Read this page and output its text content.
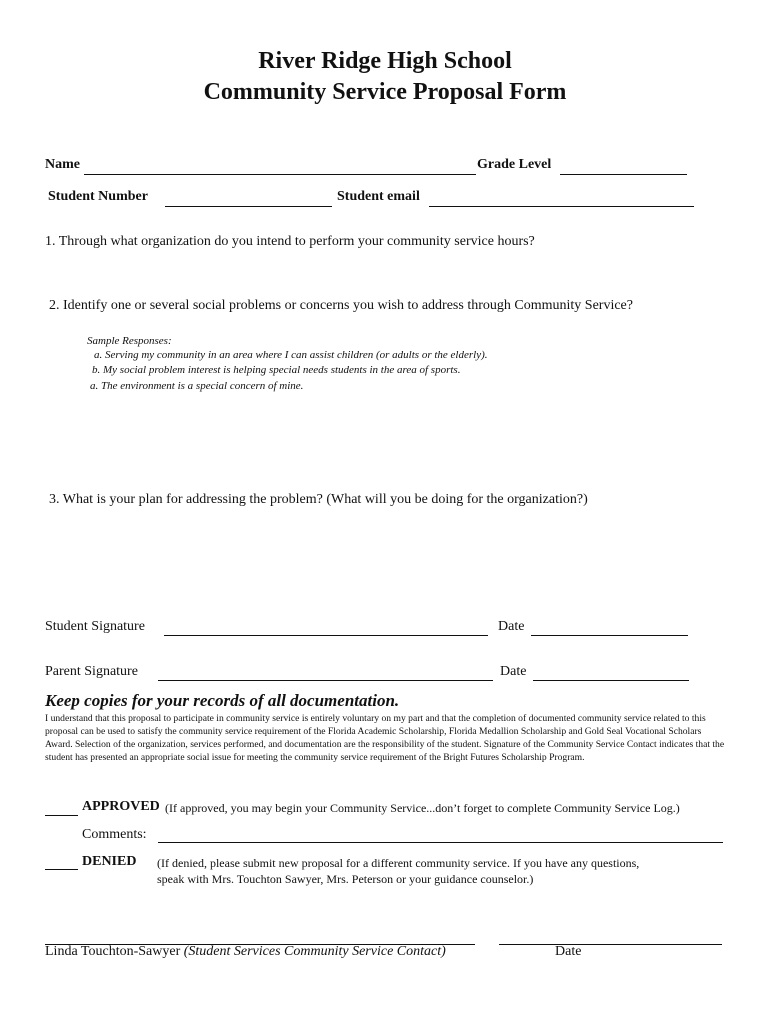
River Ridge High School
Community Service Proposal Form
Name	Grade Level
Student Number	Student email
1. Through what organization do you intend to perform your community service hours?
2. Identify one or several social problems or concerns you wish to address through Community Service?
Sample Responses:
a. Serving my community in an area where I can assist children (or adults or the elderly).
b. My social problem interest is helping special needs students in the area of sports.
a. The environment is a special concern of mine.
3. What is your plan for addressing the problem? (What will you be doing for the organization?)
Student Signature	Date
Parent Signature	Date
Keep copies for your records of all documentation.
I understand that this proposal to participate in community service is entirely voluntary on my part and that the completion of documented community service related to this proposal can be used to satisfy the community service requirement of the Florida Academic Scholarship, Florida Medallion Scholarship and Gold Seal Vocational Scholars Award. Selection of the organization, services performed, and documentation are the responsibility of the student. Signature of the Community Service Contact indicates that the student has presented an appropriate social issue for meeting the community service requirement of the Bright Futures Scholarship Program.
APPROVED (If approved, you may begin your Community Service...don’t forget to complete Community Service Log.)
Comments:
DENIED (If denied, please submit new proposal for a different community service. If you have any questions,
speak with Mrs. Touchton Sawyer, Mrs. Peterson or your guidance counselor.)
Linda Touchton-Sawyer (Student Services Community Service Contact)	Date
